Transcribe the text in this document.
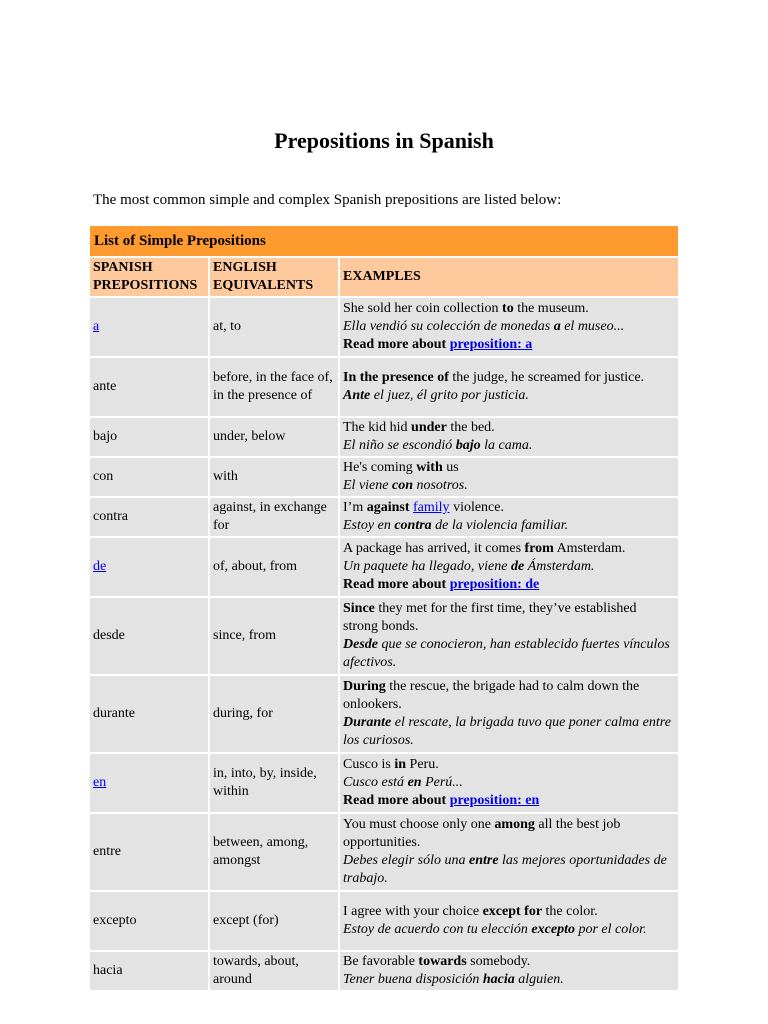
Prepositions in Spanish

The most common simple and complex Spanish prepositions are listed below:

List of Simple Prepositions		
SPANISH PREPOSITIONS	ENGLISH EQUIVALENTS	EXAMPLES
a	at, to	She sold her coin collection to the museum.
Ella vendió su colección de monedas a el museo...
Read more about preposition: a

ante	before, in the face of, in the presence of	In the presence of the judge, he screamed for justice.
Ante el juez, él grito por justicia.

bajo	under, below	The kid hid under the bed.
El niño se escondió bajo la cama.

con	with	He's coming with us
El viene con nosotros.

contra	against, in exchange for	I’m against family violence.
Estoy en contra de la violencia familiar.

de	of, about, from	A package has arrived, it comes from Amsterdam.
Un paquete ha llegado, viene de Ámsterdam.
Read more about preposition: de

desde	since, from	Since they met for the first time, they’ve established strong bonds.
Desde que se conocieron, han establecido fuertes vínculos afectivos.

durante	during, for	During the rescue, the brigade had to calm down the onlookers.
Durante el rescate, la brigada tuvo que poner calma entre los curiosos.

en	in, into, by, inside, within	Cusco is in Peru.
Cusco está en Perú...
Read more about preposition: en

entre	between, among, amongst	You must choose only one among all the best job opportunities.
Debes elegir sólo una entre las mejores oportunidades de trabajo.

excepto	except (for)	I agree with your choice except for the color.
Estoy de acuerdo con tu elección excepto por el color.

hacia	towards, about, around	Be favorable towards somebody.
Tener buena disposición hacia alguien.
